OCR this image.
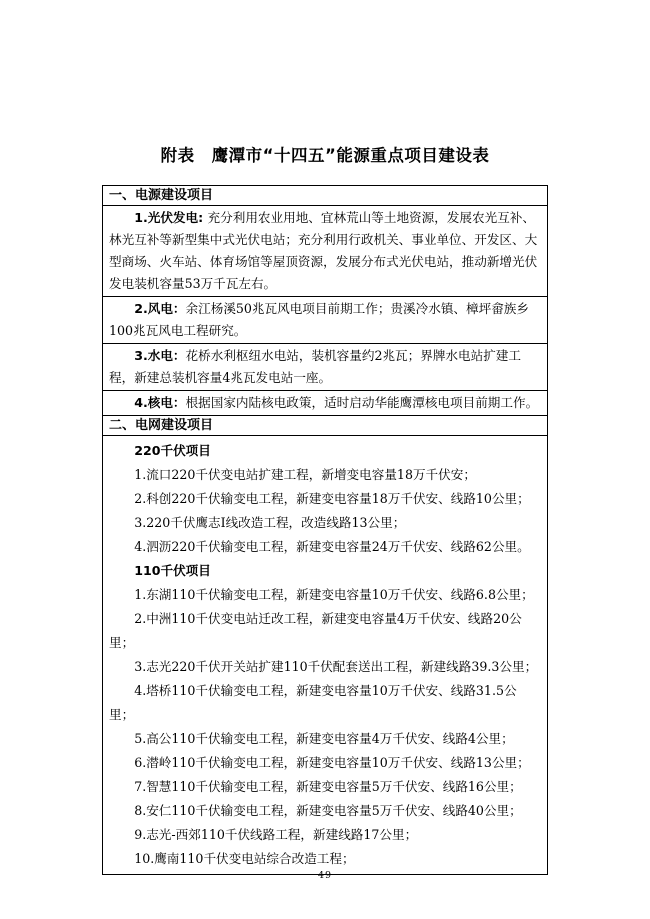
附表　鹰潭市“十四五”能源重点项目建设表
一、电源建设项目
1.光伏发电: 充分利用农业用地、宜林荒山等土地资源，发展农光互补、林光互补等新型集中式光伏电站；充分利用行政机关、事业单位、开发区、大型商场、火车站、体育场馆等屋顶资源，发展分布式光伏电站，推动新增光伏发电装机容量53万千瓦左右。
2.风电：余江杨溪50兆瓦风电项目前期工作；贵溪冷水镇、樟坪畲族乡100兆瓦风电工程研究。
3.水电：花桥水利枢纽水电站，装机容量约2兆瓦；界牌水电站扩建工程，新建总装机容量4兆瓦发电站一座。
4.核电：根据国家内陆核电政策，适时启动华能鹰潭核电项目前期工作。
二、电网建设项目
220千伏项目
1.流口220千伏变电站扩建工程，新增变电容量18万千伏安；
2.科创220千伏输变电工程，新建变电容量18万千伏安、线路10公里；
3.220千伏鹰志Ⅰ线改造工程，改造线路13公里；
4.泗沥220千伏输变电工程，新建变电容量24万千伏安、线路62公里。
110千伏项目
1.东湖110千伏输变电工程，新建变电容量10万千伏安、线路6.8公里；
2.中洲110千伏变电站迁改工程，新建变电容量4万千伏安、线路20公里；
3.志光220千伏开关站扩建110千伏配套送出工程，新建线路39.3公里；
4.塔桥110千伏输变电工程，新建变电容量10万千伏安、线路31.5公里；
5.高公110千伏输变电工程，新建变电容量4万千伏安、线路4公里；
6.潜岭110千伏输变电工程，新建变电容量10万千伏安、线路13公里；
7.智慧110千伏输变电工程，新建变电容量5万千伏安、线路16公里；
8.安仁110千伏输变电工程，新建变电容量5万千伏安、线路40公里；
9.志光-西郊110千伏线路工程，新建线路17公里；
10.鹰南110千伏变电站综合改造工程；
49
